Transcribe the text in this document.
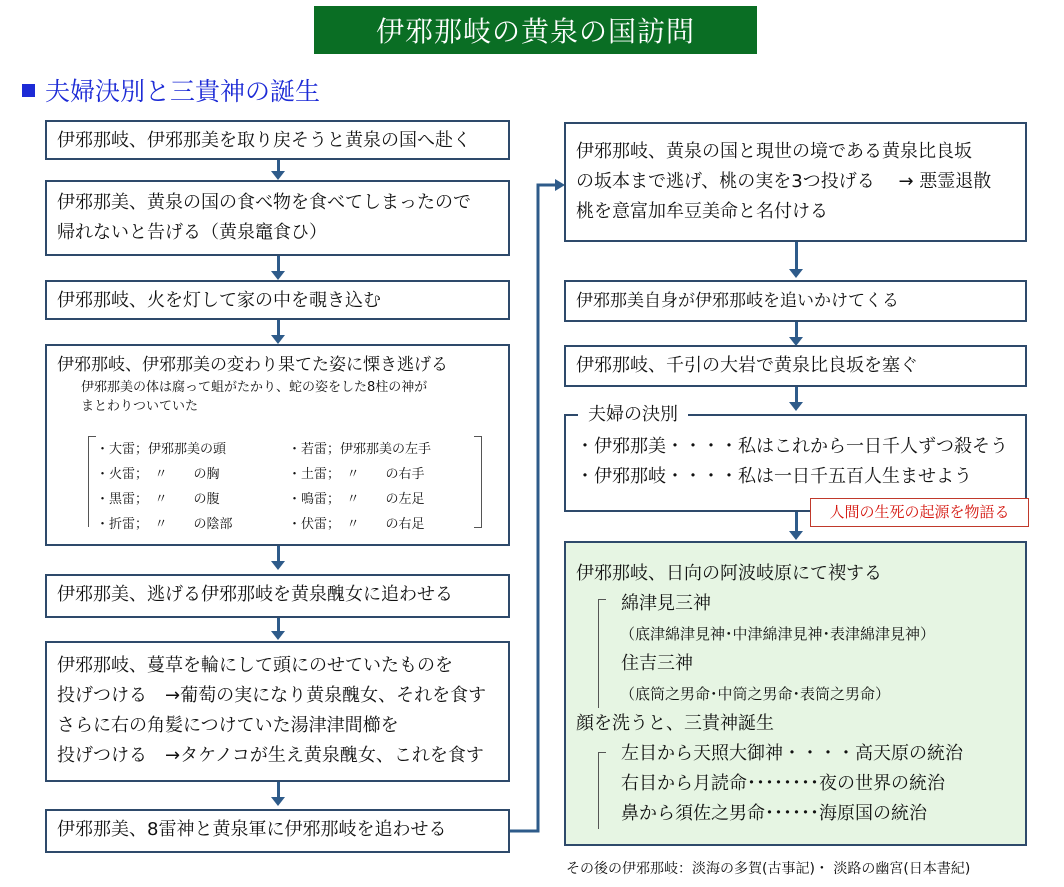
伊邪那岐の黄泉の国訪問
夫婦決別と三貴神の誕生
伊邪那岐、伊邪那美を取り戻そうと黄泉の国へ赴く
伊邪那美、黄泉の国の食べ物を食べてしまったので
帰れないと告げる（黄泉竈食ひ）
伊邪那岐、火を灯して家の中を覗き込む
伊邪那岐、伊邪那美の変わり果てた姿に慄き逃げる
伊邪那美の体は腐って蛆がたかり、蛇の姿をした8柱の神が
まとわりついていた
・大雷；伊邪那美の頭	・若雷；伊邪那美の左手
・火雷；　〃　　の胸	・土雷；　〃　　の右手
・黒雷；　〃　　の腹	・鳴雷；　〃　　の左足
・折雷；　〃　　の陰部	・伏雷；　〃　　の右足
伊邪那美、逃げる伊邪那岐を黄泉醜女に追わせる
伊邪那岐、蔓草を輪にして頭にのせていたものを
投げつける　→葡萄の実になり黄泉醜女、それを食す
さらに右の角髪につけていた湯津津間櫛を
投げつける　→タケノコが生え黄泉醜女、これを食す
伊邪那美、8雷神と黄泉軍に伊邪那岐を追わせる
伊邪那岐、黄泉の国と現世の境である黄泉比良坂
の坂本まで逃げ、桃の実を3つ投げる　 → 悪霊退散
桃を意富加牟豆美命と名付ける
伊邪那美自身が伊邪那岐を追いかけてくる
伊邪那岐、千引の大岩で黄泉比良坂を塞ぐ
・伊邪那美・・・・私はこれから一日千人ずつ殺そう
・伊邪那岐・・・・私は一日千五百人生ませよう
夫婦の決別
人間の生死の起源を物語る
伊邪那岐、日向の阿波岐原にて禊する
綿津見三神
（底津綿津見神･中津綿津見神･表津綿津見神）
住吉三神
（底筒之男命･中筒之男命･表筒之男命）
顔を洗うと、三貴神誕生
左目から天照大御神・・・・高天原の統治
右目から月読命････････夜の世界の統治
鼻から須佐之男命･･････海原国の統治
その後の伊邪那岐：淡海の多賀(古事記)・ 淡路の幽宮(日本書紀)
